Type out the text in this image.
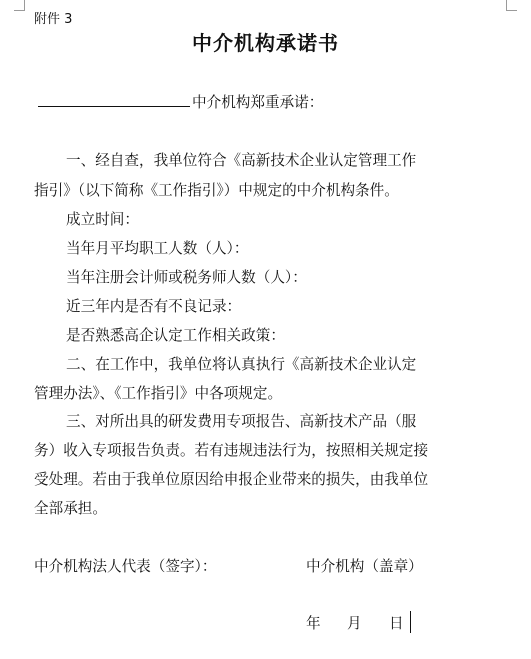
附件 3
中介机构承诺书
中介机构郑重承诺：
一、经自查，我单位符合《高新技术企业认定管理工作
指引》（以下简称《工作指引》）中规定的中介机构条件。
成立时间：
当年月平均职工人数（人）：
当年注册会计师或税务师人数（人）：
近三年内是否有不良记录：
是否熟悉高企认定工作相关政策：
二、在工作中，我单位将认真执行《高新技术企业认定
管理办法》、《工作指引》中各项规定。
三、对所出具的研发费用专项报告、高新技术产品（服
务）收入专项报告负责。若有违规违法行为，按照相关规定接
受处理。若由于我单位原因给申报企业带来的损失，由我单位
全部承担。
中介机构法人代表（签字）：	中介机构（盖章）
年 月 日
